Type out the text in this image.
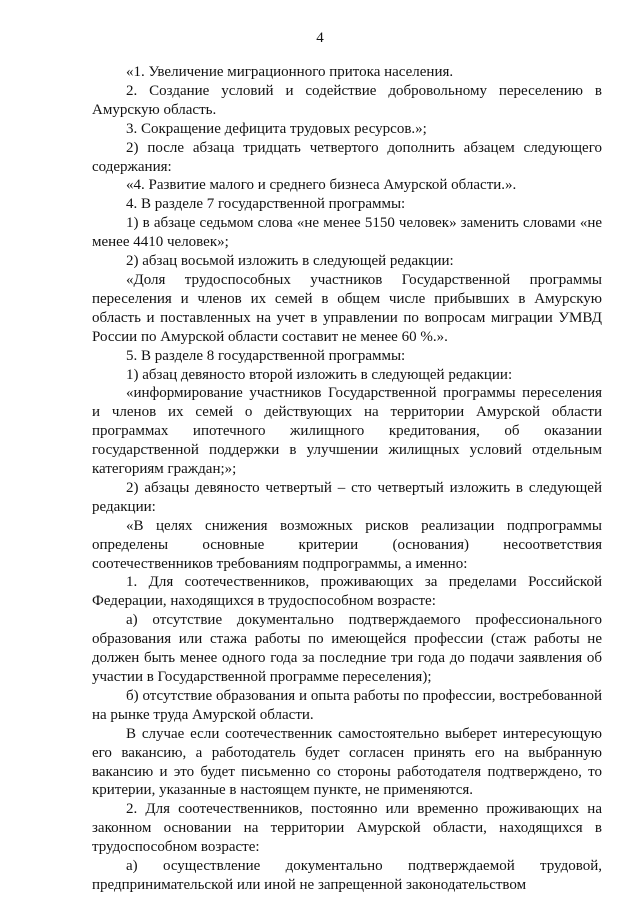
4

«1. Увеличение миграционного притока населения.

2. Создание условий и содействие добровольному переселению в Амурскую область.

3. Сокращение дефицита трудовых ресурсов.»;

2) после абзаца тридцать четвертого дополнить абзацем следующего содержания:

«4. Развитие малого и среднего бизнеса Амурской области.».

4. В разделе 7 государственной программы:

1) в абзаце седьмом слова «не менее 5150 человек» заменить словами «не менее 4410 человек»;

2) абзац восьмой изложить в следующей редакции:

«Доля трудоспособных участников Государственной программы переселения и членов их семей в общем числе прибывших в Амурскую область и поставленных на учет в управлении по вопросам миграции УМВД России по Амурской области составит не менее 60 %.».

5. В разделе 8 государственной программы:

1) абзац девяносто второй изложить в следующей редакции:

«информирование участников Государственной программы переселения и членов их семей о действующих на территории Амурской области программах ипотечного жилищного кредитования, об оказании государственной поддержки в улучшении жилищных условий отдельным категориям граждан;»;

2) абзацы девяносто четвертый – сто четвертый изложить в следующей редакции:

«В целях снижения возможных рисков реализации подпрограммы определены основные критерии (основания) несоответствия соотечественников требованиям подпрограммы, а именно:

1. Для соотечественников, проживающих за пределами Российской Федерации, находящихся в трудоспособном возрасте:

а) отсутствие документально подтверждаемого профессионального образования или стажа работы по имеющейся профессии (стаж работы не должен быть менее одного года за последние три года до подачи заявления об участии в Государственной программе переселения);

б) отсутствие образования и опыта работы по профессии, востребованной на рынке труда Амурской области.

В случае если соотечественник самостоятельно выберет интересующую его вакансию, а работодатель будет согласен принять его на выбранную вакансию и это будет письменно со стороны работодателя подтверждено, то критерии, указанные в настоящем пункте, не применяются.

2. Для соотечественников, постоянно или временно проживающих на законном основании на территории Амурской области, находящихся в трудоспособном возрасте:

а) осуществление документально подтверждаемой трудовой, предпринимательской или иной не запрещенной законодательством
